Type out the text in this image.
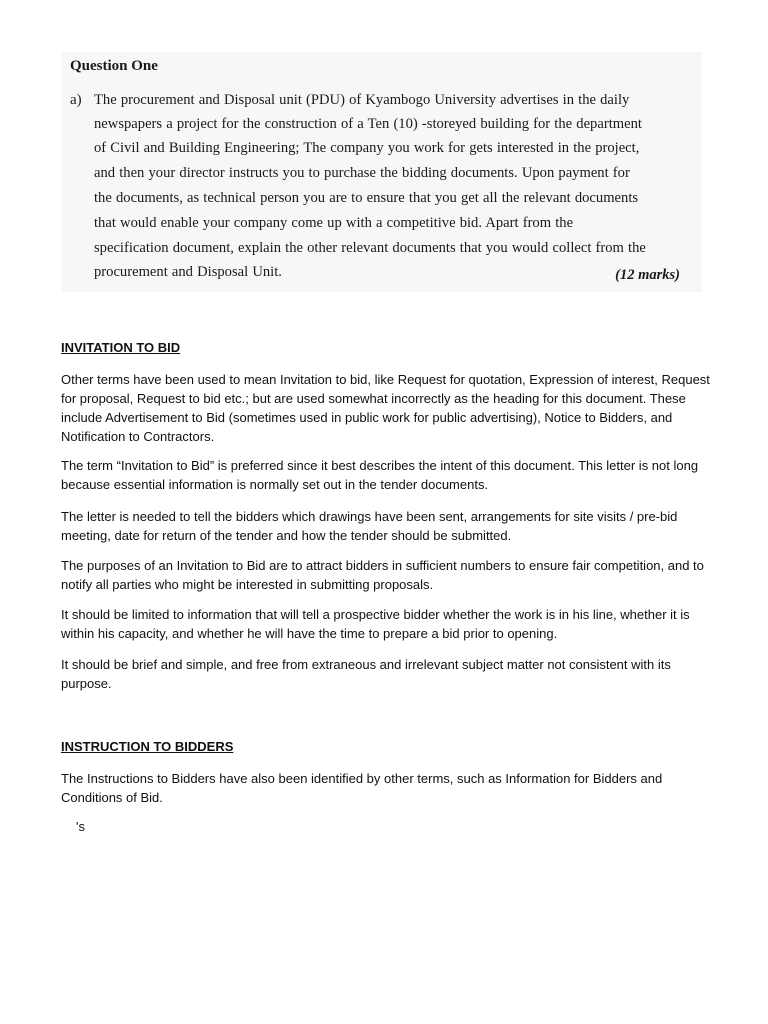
Question One
a) The procurement and Disposal unit (PDU) of Kyambogo University advertises in the daily
newspapers a project for the construction of a Ten (10) -storeyed building for the department
of Civil and Building Engineering; The company you work for gets interested in the project,
and then your director instructs you to purchase the bidding documents. Upon payment for
the documents, as technical person you are to ensure that you get all the relevant documents
that would enable your company come up with a competitive bid. Apart from the
specification document, explain the other relevant documents that you would collect from the
procurement and Disposal Unit.	(12 marks)
INVITATION TO BID
Other terms have been used to mean Invitation to bid, like Request for quotation, Expression of interest, Request for proposal, Request to bid etc.; but are used somewhat incorrectly as the heading for this document. These include Advertisement to Bid (sometimes used in public work for public advertising), Notice to Bidders, and Notification to Contractors.
The term “Invitation to Bid” is preferred since it best describes the intent of this document. This letter is not long because essential information is normally set out in the tender documents.
The letter is needed to tell the bidders which drawings have been sent, arrangements for site visits / pre-bid meeting, date for return of the tender and how the tender should be submitted.
The purposes of an Invitation to Bid are to attract bidders in sufficient numbers to ensure fair competition, and to notify all parties who might be interested in submitting proposals.
It should be limited to information that will tell a prospective bidder whether the work is in his line, whether it is within his capacity, and whether he will have the time to prepare a bid prior to opening.
It should be brief and simple, and free from extraneous and irrelevant subject matter not consistent with its purpose.
INSTRUCTION TO BIDDERS
The Instructions to Bidders have also been identified by other terms, such as Information for Bidders and Conditions of Bid.
's
